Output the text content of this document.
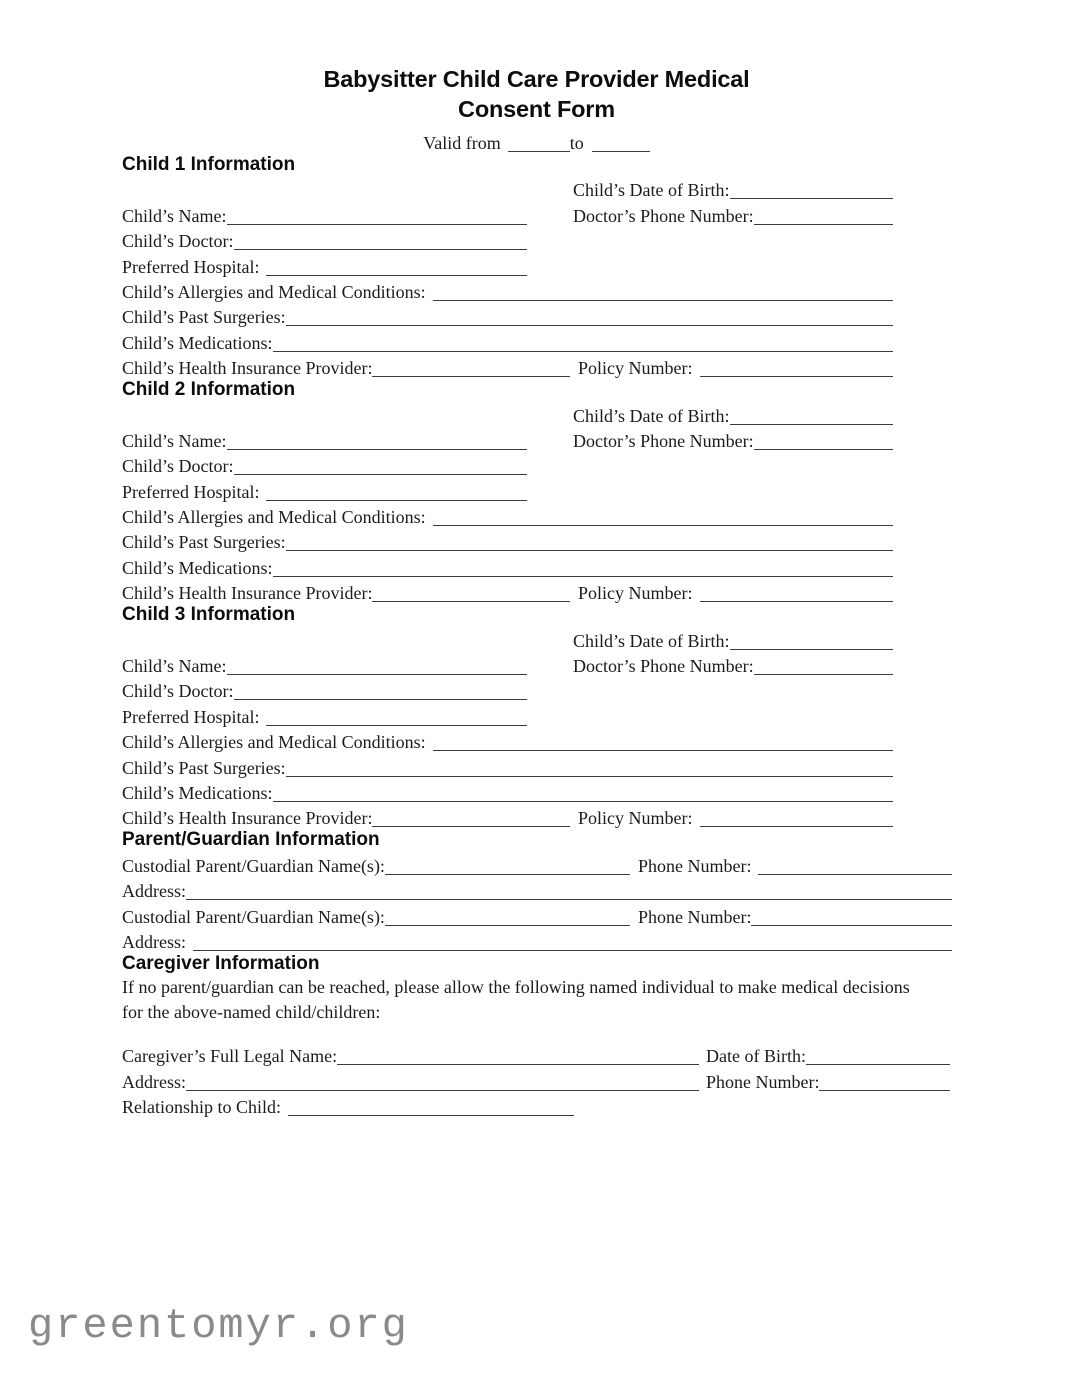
Babysitter Child Care Provider Medical
Consent Form
Valid from	to
Child 1 Information
Child’s Date of Birth:
Child’s Name:	Doctor’s Phone Number:
Child’s Doctor:
Preferred Hospital:
Child’s Allergies and Medical Conditions:
Child’s Past Surgeries:
Child’s Medications:
Child’s Health Insurance Provider:	Policy Number:
Child 2 Information
Child’s Date of Birth:
Child’s Name:	Doctor’s Phone Number:
Child’s Doctor:
Preferred Hospital:
Child’s Allergies and Medical Conditions:
Child’s Past Surgeries:
Child’s Medications:
Child’s Health Insurance Provider:	Policy Number:
Child 3 Information
Child’s Date of Birth:
Child’s Name:	Doctor’s Phone Number:
Child’s Doctor:
Preferred Hospital:
Child’s Allergies and Medical Conditions:
Child’s Past Surgeries:
Child’s Medications:
Child’s Health Insurance Provider:	Policy Number:
Parent/Guardian Information
Custodial Parent/Guardian Name(s):	Phone Number:
Address:
Custodial Parent/Guardian Name(s):	Phone Number:
Address:
Caregiver Information

If no parent/guardian can be reached, please allow the following named individual to make medical decisions for the above-named child/children:

Caregiver’s Full Legal Name:	Date of Birth:
Address:	Phone Number:
Relationship to Child:
greentomyr.org
